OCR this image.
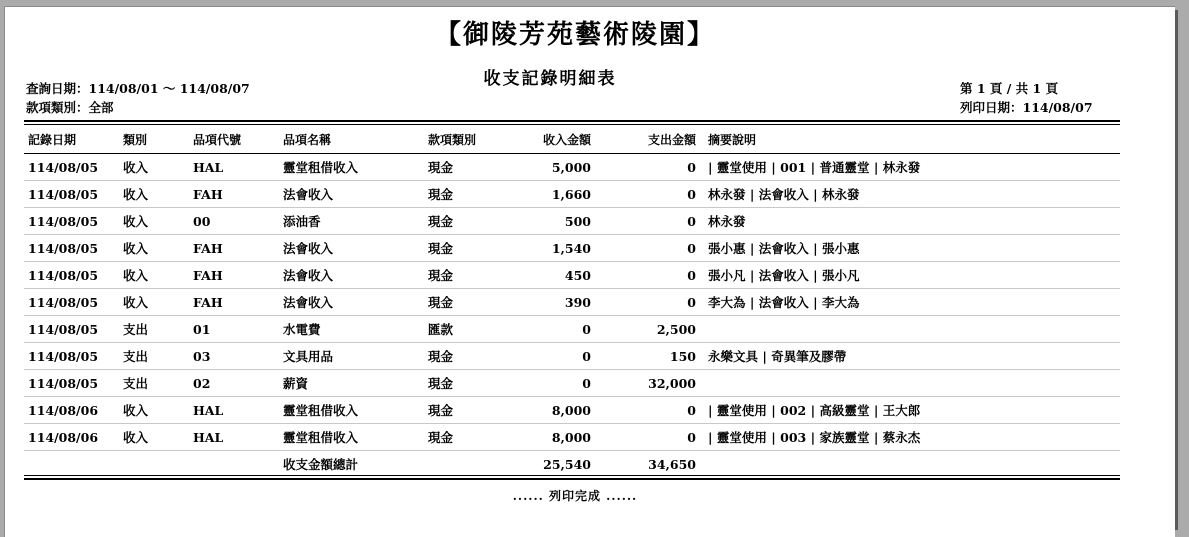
【御陵芳苑藝術陵園】
收支記錄明細表
查詢日期：114/08/01 ～ 114/08/07
款項類別：全部
第 1 頁 / 共 1 頁
列印日期：114/08/07
記錄日期	類別	品項代號	品項名稱	款項類別	收入金額	支出金額	摘要說明
114/08/05	收入	HAL	靈堂租借收入	現金	5,000	0	| 靈堂使用 | 001 | 普通靈堂 | 林永發
114/08/05	收入	FAH	法會收入	現金	1,660	0	林永發 | 法會收入 | 林永發
114/08/05	收入	00	添油香	現金	500	0	林永發
114/08/05	收入	FAH	法會收入	現金	1,540	0	張小惠 | 法會收入 | 張小惠
114/08/05	收入	FAH	法會收入	現金	450	0	張小凡 | 法會收入 | 張小凡
114/08/05	收入	FAH	法會收入	現金	390	0	李大為 | 法會收入 | 李大為
114/08/05	支出	01	水電費	匯款	0	2,500	
114/08/05	支出	03	文具用品	現金	0	150	永樂文具 | 奇異筆及膠帶
114/08/05	支出	02	薪資	現金	0	32,000	
114/08/06	收入	HAL	靈堂租借收入	現金	8,000	0	| 靈堂使用 | 002 | 高級靈堂 | 王大郎
114/08/06	收入	HAL	靈堂租借收入	現金	8,000	0	| 靈堂使用 | 003 | 家族靈堂 | 蔡永杰
			收支金額總計		25,540	34,650	
...... 列印完成 ......
